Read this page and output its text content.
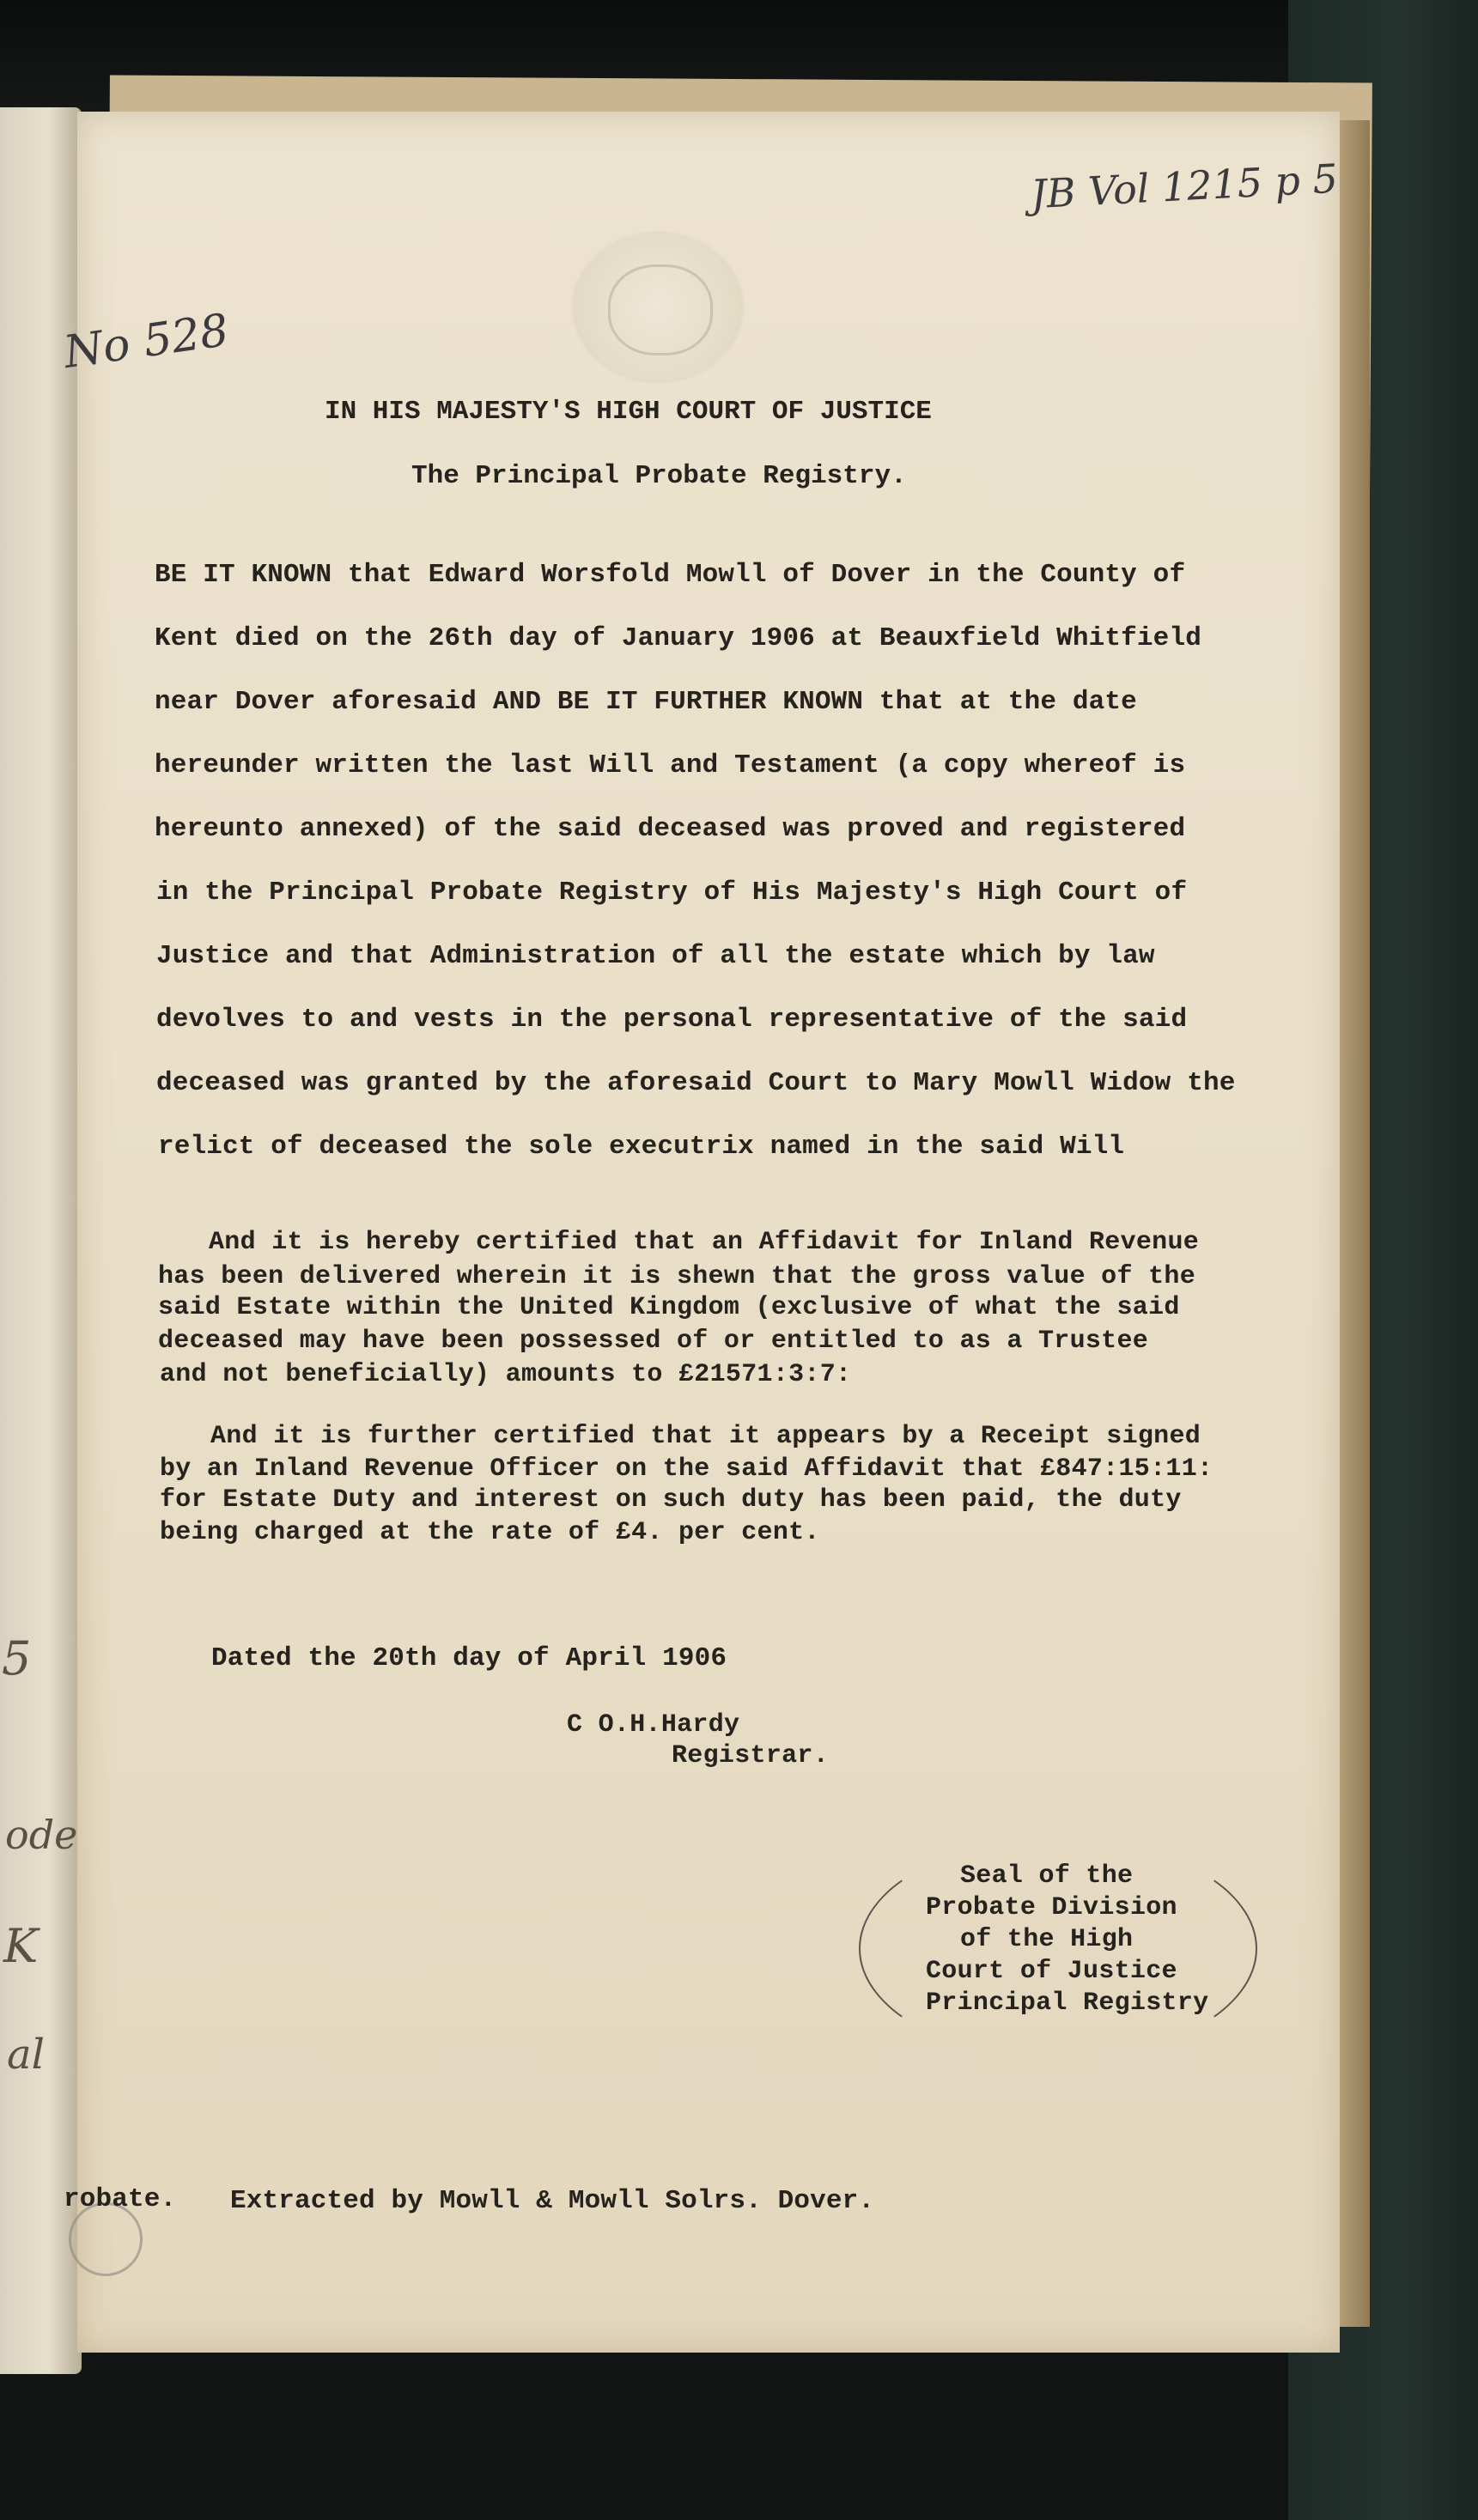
5
ode
K
al
No 528
JB Vol 1215 p 5
IN HIS MAJESTY'S HIGH COURT OF JUSTICE
The Principal Probate Registry.
BE IT KNOWN that Edward Worsfold Mowll of Dover in the County of
Kent died on the 26th day of January 1906 at Beauxfield Whitfield
near Dover aforesaid AND BE IT FURTHER KNOWN that at the date
hereunder written the last Will and Testament (a copy whereof is
hereunto annexed) of the said deceased was proved and registered
in the Principal Probate Registry of His Majesty's High Court of
Justice and that Administration of all the estate which by law
devolves to and vests in the personal representative of the said
deceased was granted by the aforesaid Court to Mary Mowll Widow the
relict of deceased the sole executrix named in the said Will
And it is hereby certified that an Affidavit for Inland Revenue
has been delivered wherein it is shewn that the gross value of the
said Estate within the United Kingdom (exclusive of what the said
deceased may have been possessed of or entitled to as a Trustee
and not beneficially) amounts to £21571:3:7:
And it is further certified that it appears by a Receipt signed
by an Inland Revenue Officer on the said Affidavit that £847:15:11:
for Estate Duty and interest on such duty has been paid, the duty
being charged at the rate of £4. per cent.
Dated the 20th day of April 1906
C O.H.Hardy
Registrar.
Seal of the
Probate Division
of the High
Court of Justice
Principal Registry
robate. Extracted by Mowll & Mowll Solrs. Dover.
